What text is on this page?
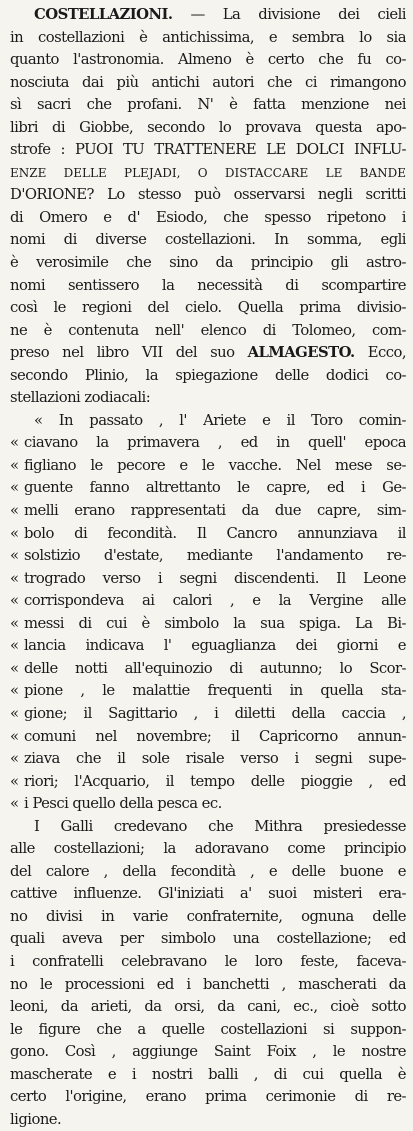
COSTELLAZIONI. — La divisione dei cieli
in costellazioni è antichissima, e sembra lo sia
quanto l'astronomia. Almeno è certo che fu co-
nosciuta dai più antichi autori che ci rimangono
sì sacri che profani. N' è fatta menzione nei
libri di Giobbe, secondo lo provava questa apo-
strofe : PUOI TU TRATTENERE LE DOLCI INFLU-
ENZE DELLE PLEJADI, O DISTACCARE LE BANDE
D'ORIONE? Lo stesso può osservarsi negli scritti
di Omero e d' Esiodo, che spesso ripetono i
nomi di diverse costellazioni. In somma, egli
è verosimile che sino da principio gli astro-
nomi sentissero la necessità di scompartire
così le regioni del cielo. Quella prima divisio-
ne è contenuta nell' elenco di Tolomeo, com-
preso nel libro VII del suo ALMAGESTO. Ecco,
secondo Plinio, la spiegazione delle dodici co-
stellazioni zodiacali:
« In passato , l' Ariete e il Toro comin-
« ciavano la primavera , ed in quell' epoca
« figliano le pecore e le vacche. Nel mese se-
« guente fanno altrettanto le capre, ed i Ge-
« melli erano rappresentati da due capre, sim-
« bolo di fecondità. Il Cancro annunziava il
« solstizio d'estate, mediante l'andamento re-
« trogrado verso i segni discendenti. Il Leone
« corrispondeva ai calori , e la Vergine alle
« messi di cui è simbolo la sua spiga. La Bi-
« lancia indicava l' eguaglianza dei giorni e
« delle notti all'equinozio di autunno; lo Scor-
« pione , le malattie frequenti in quella sta-
« gione; il Sagittario , i diletti della caccia ,
« comuni nel novembre; il Capricorno annun-
« ziava che il sole risale verso i segni supe-
« riori; l'Acquario, il tempo delle pioggie , ed
« i Pesci quello della pesca ec.
I Galli credevano che Mithra presiedesse
alle costellazioni; la adoravano come principio
del calore , della fecondità , e delle buone e
cattive influenze. Gl'iniziati a' suoi misteri era-
no divisi in varie confraternite, ognuna delle
quali aveva per simbolo una costellazione; ed
i confratelli celebravano le loro feste, faceva-
no le processioni ed i banchetti , mascherati da
leoni, da arieti, da orsi, da cani, ec., cioè sotto
le figure che a quelle costellazioni si suppon-
gono. Così , aggiunge Saint Foix , le nostre
mascherate e i nostri balli , di cui quella è
certo l'origine, erano prima cerimonie di re-
ligione.
